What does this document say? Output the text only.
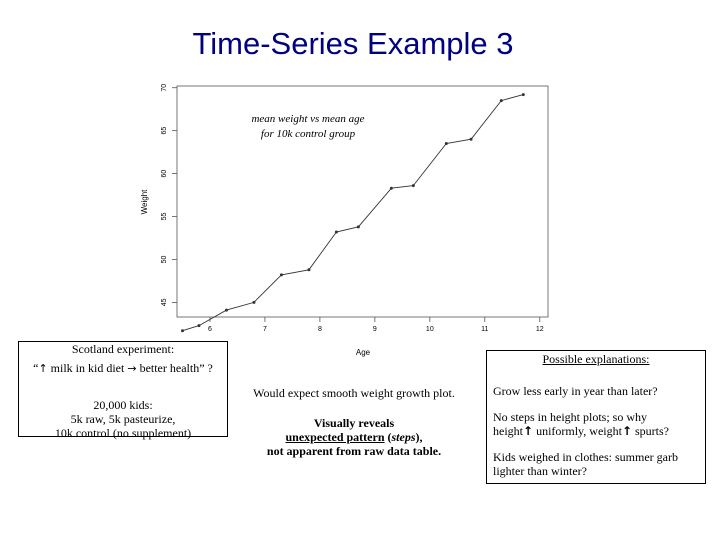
Time-Series Example 3
6	7	8	9	10	11	12
45
50
55
60
65
70
Weight
Age
mean weight vs mean age
for 10k control group
Scotland experiment:
“↑ milk in kid diet → better health” ?
20,000 kids:
5k raw, 5k pasteurize,
10k control (no supplement)
Would expect smooth weight growth plot.
Visually reveals
unexpected pattern (steps),
not apparent from raw data table.
Possible explanations:
Grow less early in year than later?
No steps in height plots; so why
height↑ uniformly, weight↑ spurts?
Kids weighed in clothes: summer garb
lighter than winter?
